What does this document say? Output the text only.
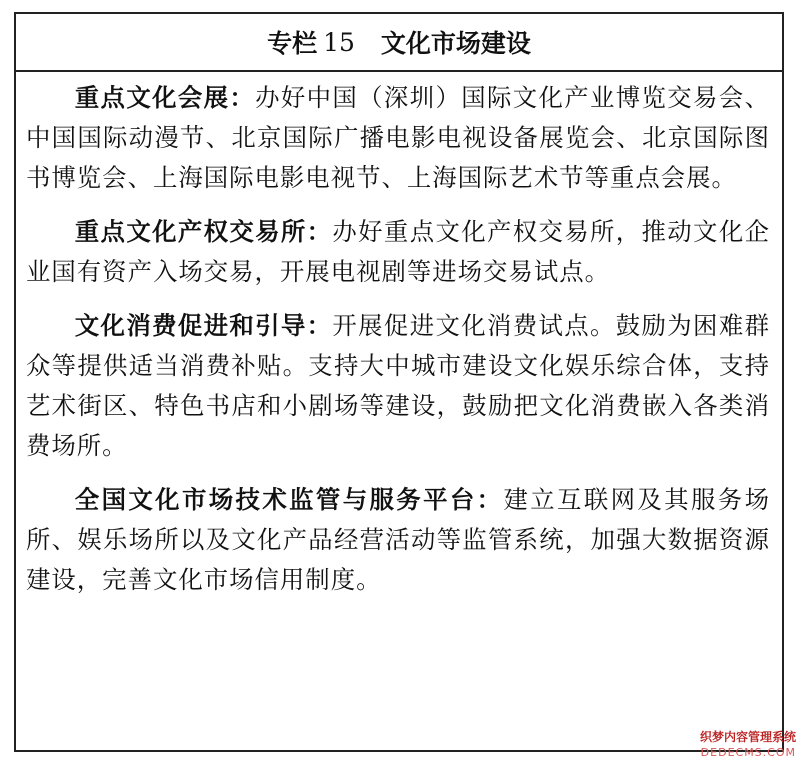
专栏 15 文化市场建设

重点文化会展：办好中国（深圳）国际文化产业博览交易会、中国国际动漫节、北京国际广播电影电视设备展览会、北京国际图书博览会、上海国际电影电视节、上海国际艺术节等重点会展。

重点文化产权交易所：办好重点文化产权交易所，推动文化企业国有资产入场交易，开展电视剧等进场交易试点。

文化消费促进和引导：开展促进文化消费试点。鼓励为困难群众等提供适当消费补贴。支持大中城市建设文化娱乐综合体，支持艺术街区、特色书店和小剧场等建设，鼓励把文化消费嵌入各类消费场所。

全国文化市场技术监管与服务平台：建立互联网及其服务场所、娱乐场所以及文化产品经营活动等监管系统，加强大数据资源建设，完善文化市场信用制度。

织梦内容管理系统
DEDECMS.COM
